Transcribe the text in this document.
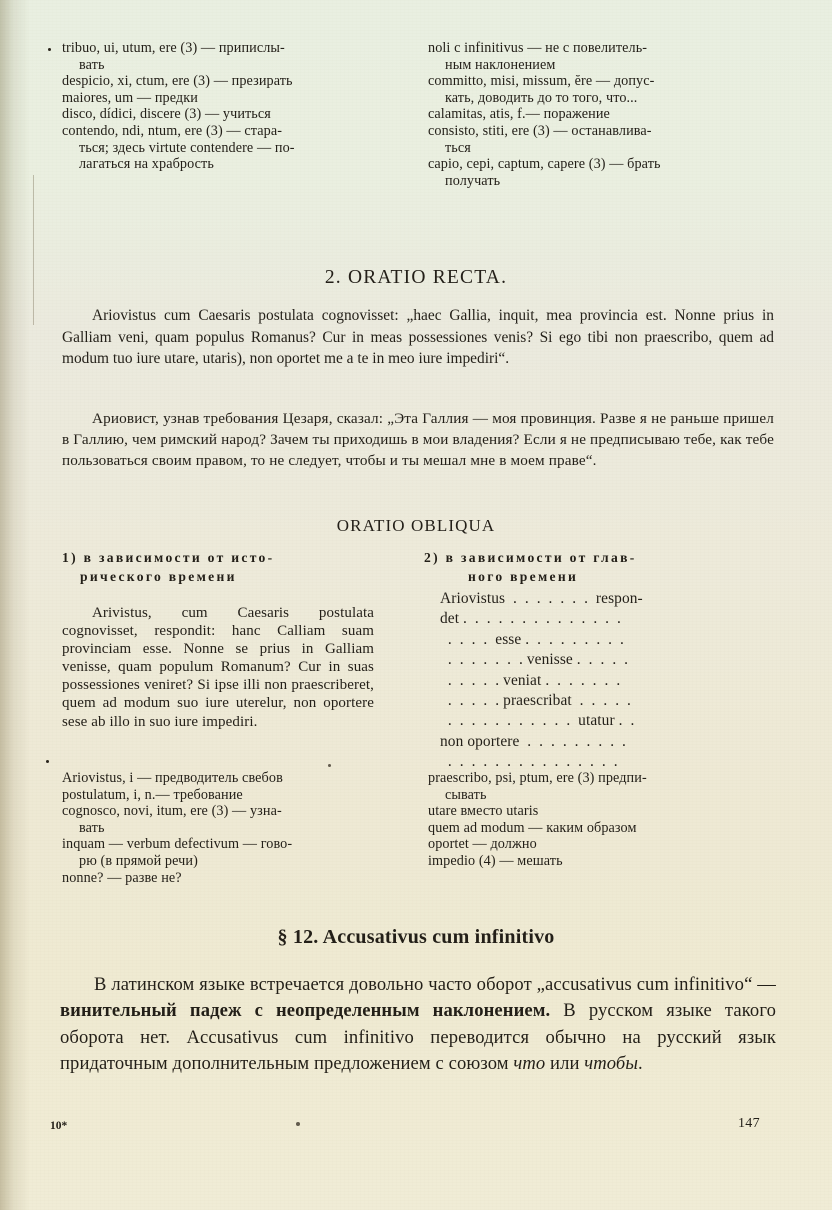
tribuo, ui, utum, ere (3) — припислы-
вать
despicio, xi, ctum, ere (3) — презирать
maiores, um — предки
disco, dídici, discere (3) — учиться
contendo, ndi, ntum, ere (3) — стара-
ться; здесь virtute contendere — по-
лагаться на храбрость
noli c infinitivus — не с повелитель-
ным наклонением
committo, misi, missum, ĕre — допус-
кать, доводить до то того, что...
calamitas, atis, f.— поражение
consisto, stiti, ere (3) — останавлива-
ться
capio, cepi, captum, capere (3) — брать
получать
2. ORATIO RECTA.

Ariovistus cum Caesaris postulata cognovisset: „haec Gallia, inquit, mea provincia est. Nonne prius in Galliam veni, quam populus Romanus? Cur in meas possessiones venis? Si ego tibi non praescribo, quem ad modum tuo iure utare, utaris), non oportet me a te in meo iure impediri“.

Ариовист, узнав требования Цезаря, сказал: „Эта Галлия — моя провинция. Разве я не раньше пришел в Галлию, чем римский народ? Зачем ты приходишь в мои владения? Если я не предписываю тебе, как тебе пользоваться своим правом, то не следует, чтобы и ты мешал мне в моем праве“.

ORATIO OBLIQUA
1) в зависимости от исто-
рического времени
2) в зависимости от глав-
ного времени

Arivistus, cum Caesaris postulata cognovisset, respondit: hanc Calliam suam provinciam esse. Nonne se prius in Galliam venisse, quam populum Romanum? Cur in suas possessiones veniret? Si ipse illi non praescriberet, quem ad modum suo iure uterelur, non oportere sese ab illo in suo iure impediri.

Ariovistus  .  .  .  .  .  .  .  respon-
det .  .  .  .  .  .  .  .  .  .  .  .  .  .
.  .  .  .  esse .  .  .  .  .  .  .  .  .
.  .  .  .  .  .  . venisse .  .  .  .  .
.  .  .  .  . veniat .  .  .  .  .  .  .
.  .  .  .  . praescribat  .  .  .  .  .
.  .  .  .  .  .  .  .  .  .  .  utatur .  .
non oportere  .  .  .  .  .  .  .  .  .
.  .  .  .  .  .  .  .  .  .  .  .  .  .  .
Ariovistus, i — предводитель свебов
postulatum, i, n.— требование
cognosco, novi, itum, ere (3) — узна-
вать
inquam — verbum defectivum — гово-
рю (в прямой речи)
nonne? — разве не?
praescribo, psi, ptum, ere (3) предпи-
сывать
utare вместо utaris
quem ad modum — каким образом
oportet — должно
impedio (4) — мешать
§ 12. Accusativus cum infinitivo

В латинском языке встречается довольно часто оборот „accusativus cum infinitivo“ — винительный падеж с неопределенным наклонением. В русском языке такого оборота нет. Accusativus cum infinitivo переводится обычно на русский язык придаточным дополнительным предложением с союзом что или чтобы.

10*	147
